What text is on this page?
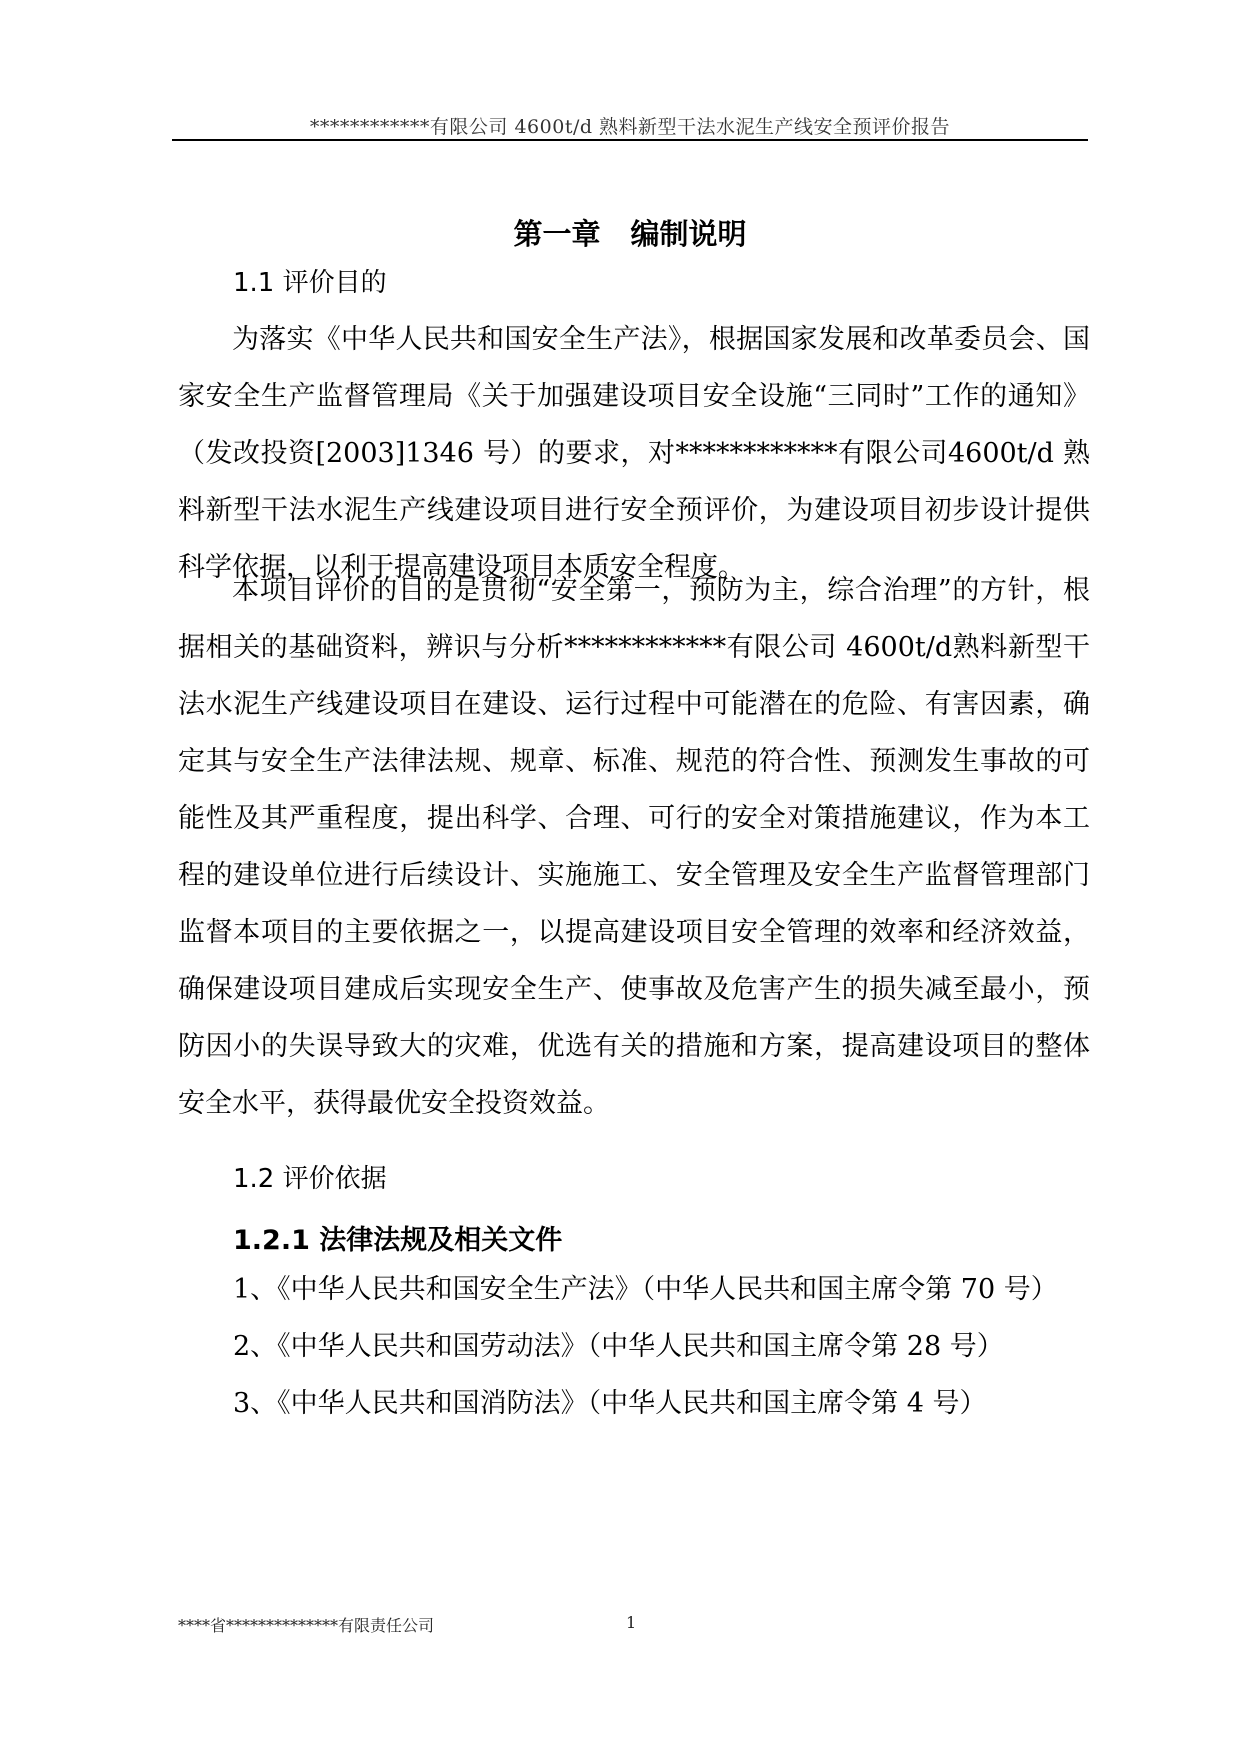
************有限公司 4600t/d 熟料新型干法水泥生产线安全预评价报告
第一章 编制说明
1.1 评价目的

为落实《中华人民共和国安全生产法》，根据国家发展和改革委员会、国家安全生产监督管理局《关于加强建设项目安全设施“三同时”工作的通知》（发改投资[2003]1346 号）的要求，对************有限公司4600t/d 熟料新型干法水泥生产线建设项目进行安全预评价，为建设项目初步设计提供科学依据，以利于提高建设项目本质安全程度。

本项目评价的目的是贯彻“安全第一，预防为主，综合治理”的方针，根据相关的基础资料，辨识与分析************有限公司 4600t/d熟料新型干法水泥生产线建设项目在建设、运行过程中可能潜在的危险、有害因素，确定其与安全生产法律法规、规章、标准、规范的符合性、预测发生事故的可能性及其严重程度，提出科学、合理、可行的安全对策措施建议，作为本工程的建设单位进行后续设计、实施施工、安全管理及安全生产监督管理部门监督本项目的主要依据之一，以提高建设项目安全管理的效率和经济效益，确保建设项目建成后实现安全生产、使事故及危害产生的损失减至最小，预防因小的失误导致大的灾难，优选有关的措施和方案，提高建设项目的整体安全水平，获得最优安全投资效益。

1.2 评价依据
1.2.1 法律法规及相关文件
1、《中华人民共和国安全生产法》（中华人民共和国主席令第 70 号）
2、《中华人民共和国劳动法》（中华人民共和国主席令第 28 号）
3、《中华人民共和国消防法》（中华人民共和国主席令第 4 号）
****省**************有限责任公司	1
